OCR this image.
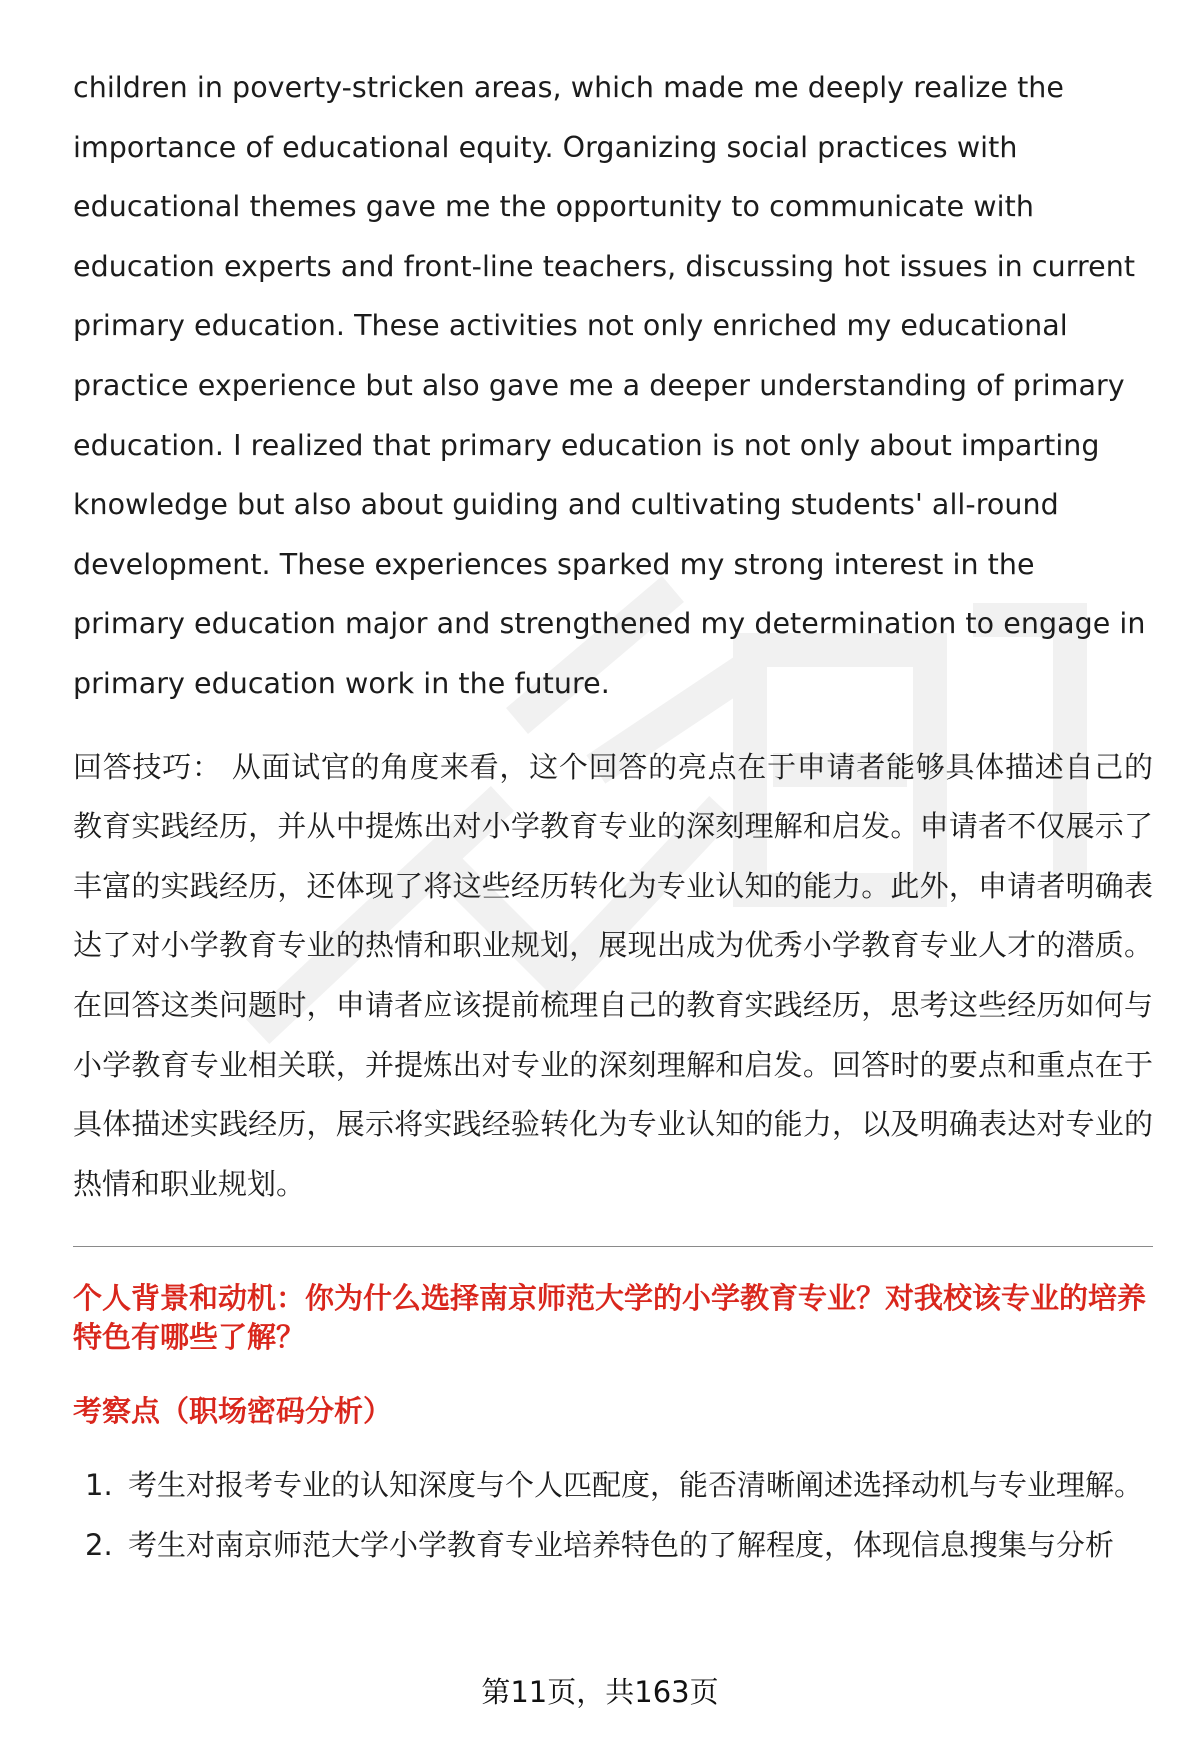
children in poverty-stricken areas, which made me deeply realize the importance of educational equity. Organizing social practices with educational themes gave me the opportunity to communicate with education experts and front-line teachers, discussing hot issues in current primary education. These activities not only enriched my educational practice experience but also gave me a deeper understanding of primary education. I realized that primary education is not only about imparting knowledge but also about guiding and cultivating students' all-round development. These experiences sparked my strong interest in the primary education major and strengthened my determination to engage in primary education work in the future.

回答技巧： 从面试官的角度来看，这个回答的亮点在于申请者能够具体描述自己的教育实践经历，并从中提炼出对小学教育专业的深刻理解和启发。申请者不仅展示了丰富的实践经历，还体现了将这些经历转化为专业认知的能力。此外，申请者明确表达了对小学教育专业的热情和职业规划，展现出成为优秀小学教育专业人才的潜质。在回答这类问题时，申请者应该提前梳理自己的教育实践经历，思考这些经历如何与小学教育专业相关联，并提炼出对专业的深刻理解和启发。回答时的要点和重点在于具体描述实践经历，展示将实践经验转化为专业认知的能力，以及明确表达对专业的热情和职业规划。

个人背景和动机：你为什么选择南京师范大学的小学教育专业？对我校该专业的培养特色有哪些了解？

考察点（职场密码分析）

1. 考生对报考专业的认知深度与个人匹配度，能否清晰阐述选择动机与专业理解。
2. 考生对南京师范大学小学教育专业培养特色的了解程度，体现信息搜集与分析
第11页，共163页
